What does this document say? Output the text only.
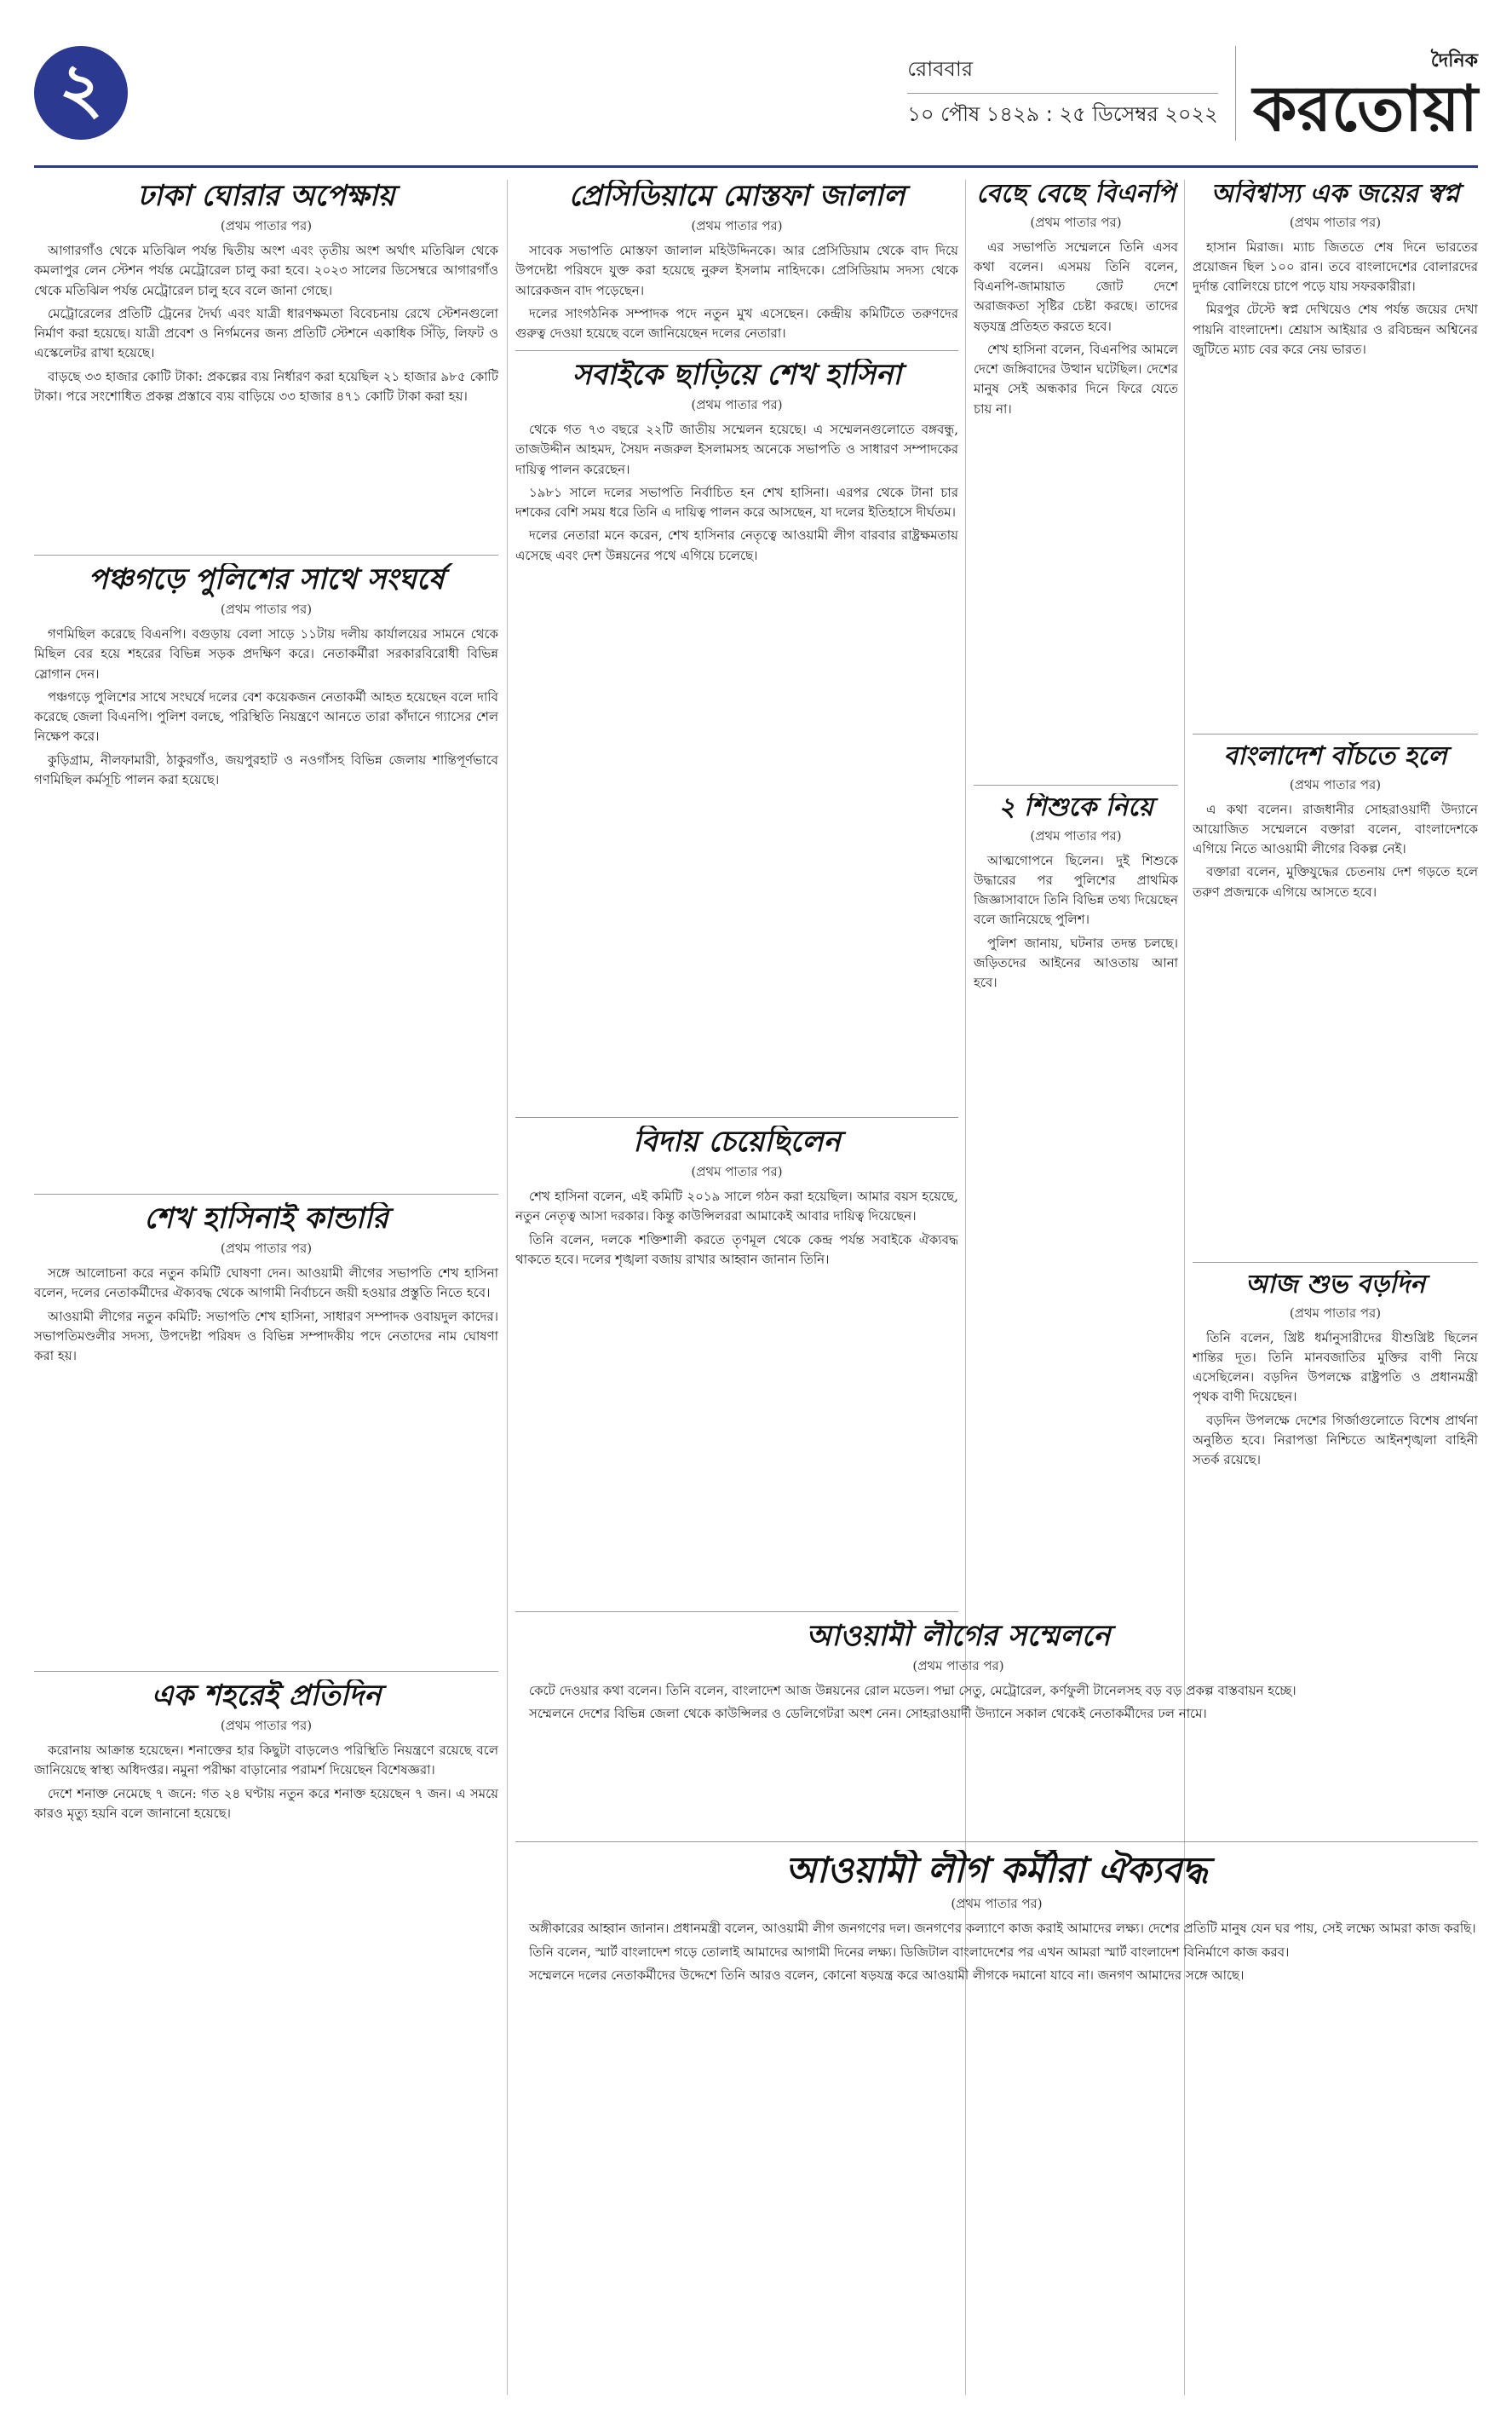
২	রোববার
১০ পৌষ ১৪২৯ : ২৫ ডিসেম্বর ২০২২
দৈনিক
করতোয়া
ঢাকা ঘোরার অপেক্ষায়
(প্রথম পাতার পর)

আগারগাঁও থেকে মতিঝিল পর্যন্ত দ্বিতীয় অংশ এবং তৃতীয় অংশ অর্থাৎ মতিঝিল থেকে কমলাপুর লেন স্টেশন পর্যন্ত মেট্রোরেল চালু করা হবে। ২০২৩ সালের ডিসেম্বরে আগারগাঁও থেকে মতিঝিল পর্যন্ত মেট্রোরেল চালু হবে বলে জানা গেছে।

মেট্রোরেলের প্রতিটি ট্রেনের দৈর্ঘ্য এবং যাত্রী ধারণক্ষমতা বিবেচনায় রেখে স্টেশনগুলো নির্মাণ করা হয়েছে। যাত্রী প্রবেশ ও নির্গমনের জন্য প্রতিটি স্টেশনে একাধিক সিঁড়ি, লিফট ও এস্কেলেটর রাখা হয়েছে।

বাড়ছে ৩৩ হাজার কোটি টাকা: প্রকল্পের ব্যয় নির্ধারণ করা হয়েছিল ২১ হাজার ৯৮৫ কোটি টাকা। পরে সংশোধিত প্রকল্প প্রস্তাবে ব্যয় বাড়িয়ে ৩৩ হাজার ৪৭১ কোটি টাকা করা হয়।

পঞ্চগড়ে পুলিশের সাথে সংঘর্ষে
(প্রথম পাতার পর)

গণমিছিল করেছে বিএনপি। বগুড়ায় বেলা সাড়ে ১১টায় দলীয় কার্যালয়ের সামনে থেকে মিছিল বের হয়ে শহরের বিভিন্ন সড়ক প্রদক্ষিণ করে। নেতাকর্মীরা সরকারবিরোধী বিভিন্ন স্লোগান দেন।

পঞ্চগড়ে পুলিশের সাথে সংঘর্ষে দলের বেশ কয়েকজন নেতাকর্মী আহত হয়েছেন বলে দাবি করেছে জেলা বিএনপি। পুলিশ বলছে, পরিস্থিতি নিয়ন্ত্রণে আনতে তারা কাঁদানে গ্যাসের শেল নিক্ষেপ করে।

কুড়িগ্রাম, নীলফামারী, ঠাকুরগাঁও, জয়পুরহাট ও নওগাঁসহ বিভিন্ন জেলায় শান্তিপূর্ণভাবে গণমিছিল কর্মসূচি পালন করা হয়েছে।

শেখ হাসিনাই কান্ডারি
(প্রথম পাতার পর)

সঙ্গে আলোচনা করে নতুন কমিটি ঘোষণা দেন। আওয়ামী লীগের সভাপতি শেখ হাসিনা বলেন, দলের নেতাকর্মীদের ঐক্যবদ্ধ থেকে আগামী নির্বাচনে জয়ী হওয়ার প্রস্তুতি নিতে হবে।

আওয়ামী লীগের নতুন কমিটি: সভাপতি শেখ হাসিনা, সাধারণ সম্পাদক ওবায়দুল কাদের। সভাপতিমণ্ডলীর সদস্য, উপদেষ্টা পরিষদ ও বিভিন্ন সম্পাদকীয় পদে নেতাদের নাম ঘোষণা করা হয়।

এক শহরেই প্রতিদিন
(প্রথম পাতার পর)

করোনায় আক্রান্ত হয়েছেন। শনাক্তের হার কিছুটা বাড়লেও পরিস্থিতি নিয়ন্ত্রণে রয়েছে বলে জানিয়েছে স্বাস্থ্য অধিদপ্তর। নমুনা পরীক্ষা বাড়ানোর পরামর্শ দিয়েছেন বিশেষজ্ঞরা।

দেশে শনাক্ত নেমেছে ৭ জনে: গত ২৪ ঘণ্টায় নতুন করে শনাক্ত হয়েছেন ৭ জন। এ সময়ে কারও মৃত্যু হয়নি বলে জানানো হয়েছে।

প্রেসিডিয়ামে মোস্তফা জালাল
(প্রথম পাতার পর)

সাবেক সভাপতি মোস্তফা জালাল মহিউদ্দিনকে। আর প্রেসিডিয়াম থেকে বাদ দিয়ে উপদেষ্টা পরিষদে যুক্ত করা হয়েছে নুরুল ইসলাম নাহিদকে। প্রেসিডিয়াম সদস্য থেকে আরেকজন বাদ পড়েছেন।

দলের সাংগঠনিক সম্পাদক পদে নতুন মুখ এসেছেন। কেন্দ্রীয় কমিটিতে তরুণদের গুরুত্ব দেওয়া হয়েছে বলে জানিয়েছেন দলের নেতারা।

সবাইকে ছাড়িয়ে শেখ হাসিনা
(প্রথম পাতার পর)

থেকে গত ৭৩ বছরে ২২টি জাতীয় সম্মেলন হয়েছে। এ সম্মেলনগুলোতে বঙ্গবন্ধু, তাজউদ্দীন আহমদ, সৈয়দ নজরুল ইসলামসহ অনেকে সভাপতি ও সাধারণ সম্পাদকের দায়িত্ব পালন করেছেন।

১৯৮১ সালে দলের সভাপতি নির্বাচিত হন শেখ হাসিনা। এরপর থেকে টানা চার দশকের বেশি সময় ধরে তিনি এ দায়িত্ব পালন করে আসছেন, যা দলের ইতিহাসে দীর্ঘতম।

দলের নেতারা মনে করেন, শেখ হাসিনার নেতৃত্বে আওয়ামী লীগ বারবার রাষ্ট্রক্ষমতায় এসেছে এবং দেশ উন্নয়নের পথে এগিয়ে চলেছে।

বিদায় চেয়েছিলেন
(প্রথম পাতার পর)

শেখ হাসিনা বলেন, এই কমিটি ২০১৯ সালে গঠন করা হয়েছিল। আমার বয়স হয়েছে, নতুন নেতৃত্ব আসা দরকার। কিন্তু কাউন্সিলররা আমাকেই আবার দায়িত্ব দিয়েছেন।

তিনি বলেন, দলকে শক্তিশালী করতে তৃণমূল থেকে কেন্দ্র পর্যন্ত সবাইকে ঐক্যবদ্ধ থাকতে হবে। দলের শৃঙ্খলা বজায় রাখার আহ্বান জানান তিনি।

আওয়ামী লীগের সম্মেলনে
(প্রথম পাতার পর)

কেটে দেওয়ার কথা বলেন। তিনি বলেন, বাংলাদেশ আজ উন্নয়নের রোল মডেল। পদ্মা সেতু, মেট্রোরেল, কর্ণফুলী টানেলসহ বড় বড় প্রকল্প বাস্তবায়ন হচ্ছে।

সম্মেলনে দেশের বিভিন্ন জেলা থেকে কাউন্সিলর ও ডেলিগেটরা অংশ নেন। সোহরাওয়ার্দী উদ্যানে সকাল থেকেই নেতাকর্মীদের ঢল নামে।

আওয়ামী লীগ কর্মীরা ঐক্যবদ্ধ
(প্রথম পাতার পর)

অঙ্গীকারের আহ্বান জানান। প্রধানমন্ত্রী বলেন, আওয়ামী লীগ জনগণের দল। জনগণের কল্যাণে কাজ করাই আমাদের লক্ষ্য। দেশের প্রতিটি মানুষ যেন ঘর পায়, সেই লক্ষ্যে আমরা কাজ করছি।

তিনি বলেন, স্মার্ট বাংলাদেশ গড়ে তোলাই আমাদের আগামী দিনের লক্ষ্য। ডিজিটাল বাংলাদেশের পর এখন আমরা স্মার্ট বাংলাদেশ বিনির্মাণে কাজ করব।

সম্মেলনে দলের নেতাকর্মীদের উদ্দেশে তিনি আরও বলেন, কোনো ষড়যন্ত্র করে আওয়ামী লীগকে দমানো যাবে না। জনগণ আমাদের সঙ্গে আছে।

বেছে বেছে বিএনপি
(প্রথম পাতার পর)

এর সভাপতি সম্মেলনে তিনি এসব কথা বলেন। এসময় তিনি বলেন, বিএনপি-জামায়াত জোট দেশে অরাজকতা সৃষ্টির চেষ্টা করছে। তাদের ষড়যন্ত্র প্রতিহত করতে হবে।

শেখ হাসিনা বলেন, বিএনপির আমলে দেশে জঙ্গিবাদের উত্থান ঘটেছিল। দেশের মানুষ সেই অন্ধকার দিনে ফিরে যেতে চায় না।

২ শিশুকে নিয়ে
(প্রথম পাতার পর)

আত্মগোপনে ছিলেন। দুই শিশুকে উদ্ধারের পর পুলিশের প্রাথমিক জিজ্ঞাসাবাদে তিনি বিভিন্ন তথ্য দিয়েছেন বলে জানিয়েছে পুলিশ।

পুলিশ জানায়, ঘটনার তদন্ত চলছে। জড়িতদের আইনের আওতায় আনা হবে।

অবিশ্বাস্য এক জয়ের স্বপ্ন
(প্রথম পাতার পর)

হাসান মিরাজ। ম্যাচ জিততে শেষ দিনে ভারতের প্রয়োজন ছিল ১০০ রান। তবে বাংলাদেশের বোলারদের দুর্দান্ত বোলিংয়ে চাপে পড়ে যায় সফরকারীরা।

মিরপুর টেস্টে স্বপ্ন দেখিয়েও শেষ পর্যন্ত জয়ের দেখা পায়নি বাংলাদেশ। শ্রেয়াস আইয়ার ও রবিচন্দ্রন অশ্বিনের জুটিতে ম্যাচ বের করে নেয় ভারত।

বাংলাদেশ বাঁচতে হলে
(প্রথম পাতার পর)

এ কথা বলেন। রাজধানীর সোহরাওয়ার্দী উদ্যানে আয়োজিত সম্মেলনে বক্তারা বলেন, বাংলাদেশকে এগিয়ে নিতে আওয়ামী লীগের বিকল্প নেই।

বক্তারা বলেন, মুক্তিযুদ্ধের চেতনায় দেশ গড়তে হলে তরুণ প্রজন্মকে এগিয়ে আসতে হবে।

আজ শুভ বড়দিন
(প্রথম পাতার পর)

তিনি বলেন, খ্রিষ্ট ধর্মানুসারীদের যীশুখ্রিষ্ট ছিলেন শান্তির দূত। তিনি মানবজাতির মুক্তির বাণী নিয়ে এসেছিলেন। বড়দিন উপলক্ষে রাষ্ট্রপতি ও প্রধানমন্ত্রী পৃথক বাণী দিয়েছেন।

বড়দিন উপলক্ষে দেশের গির্জাগুলোতে বিশেষ প্রার্থনা অনুষ্ঠিত হবে। নিরাপত্তা নিশ্চিতে আইনশৃঙ্খলা বাহিনী সতর্ক রয়েছে।
